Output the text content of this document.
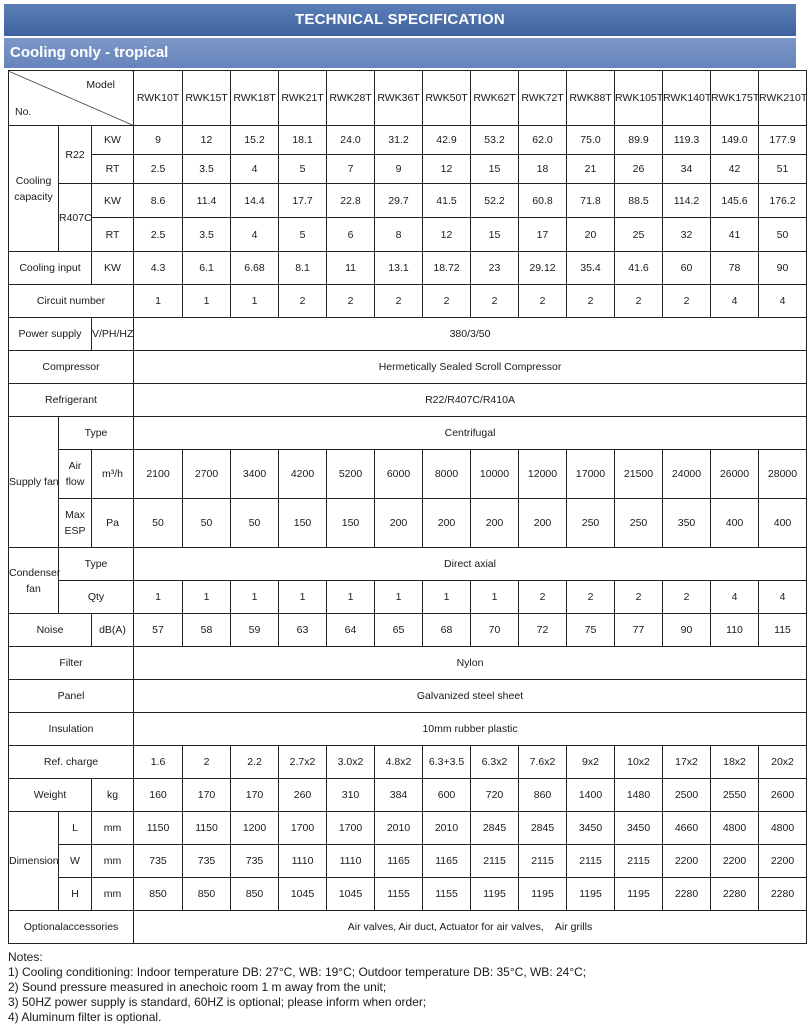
TECHNICAL SPECIFICATION
Cooling only - tropical
Model
No.			RWK10T	RWK15T	RWK18T	RWK21T	RWK28T	RWK36T	RWK50T	RWK62T	RWK72T	RWK88T	RWK105T	RWK140T	RWK175T	RWK210T
Cooling
capacity	R22	KW	9	12	15.2	18.1	24.0	31.2	42.9	53.2	62.0	75.0	89.9	119.3	149.0	177.9
		RT	2.5	3.5	4	5	7	9	12	15	18	21	26	34	42	51
	R407C	KW	8.6	11.4	14.4	17.7	22.8	29.7	41.5	52.2	60.8	71.8	88.5	114.2	145.6	176.2
		RT	2.5	3.5	4	5	6	8	12	15	17	20	25	32	41	50
Cooling input		KW	4.3	6.1	6.68	8.1	11	13.1	18.72	23	29.12	35.4	41.6	60	78	90
Circuit number			1	1	1	2	2	2	2	2	2	2	2	2	4	4
Power supply		V/PH/HZ	380/3/50													
Compressor			Hermetically Sealed Scroll Compressor													
Refrigerant			R22/R407C/R410A													
Supply fan	Type		Centrifugal													
	Air
flow	m³/h	2100	2700	3400	4200	5200	6000	8000	10000	12000	17000	21500	24000	26000	28000
	Max
ESP	Pa	50	50	50	150	150	200	200	200	200	250	250	350	400	400
Condenser
fan	Type		Direct axial													
	Qty		1	1	1	1	1	1	1	1	2	2	2	2	4	4
Noise		dB(A)	57	58	59	63	64	65	68	70	72	75	77	90	110	115
Filter			Nylon													
Panel			Galvanized steel sheet													
Insulation			10mm rubber plastic													
Ref. charge			1.6	2	2.2	2.7x2	3.0x2	4.8x2	6.3+3.5	6.3x2	7.6x2	9x2	10x2	17x2	18x2	20x2
Weight		kg	160	170	170	260	310	384	600	720	860	1400	1480	2500	2550	2600
Dimension	L	mm	1150	1150	1200	1700	1700	2010	2010	2845	2845	3450	3450	4660	4800	4800
	W	mm	735	735	735	1110	1110	1165	1165	2115	2115	2115	2115	2200	2200	2200
	H	mm	850	850	850	1045	1045	1155	1155	1195	1195	1195	1195	2280	2280	2280
Optionalaccessories			Air valves, Air duct, Actuator for air valves,    Air grills													
Notes:
1) Cooling conditioning: Indoor temperature DB: 27°C, WB: 19°C; Outdoor temperature DB: 35°C, WB: 24°C;
2) Sound pressure measured in anechoic room 1 m away from the unit;
3) 50HZ power supply is standard, 60HZ is optional; please inform when order;
4) Aluminum filter is optional.
